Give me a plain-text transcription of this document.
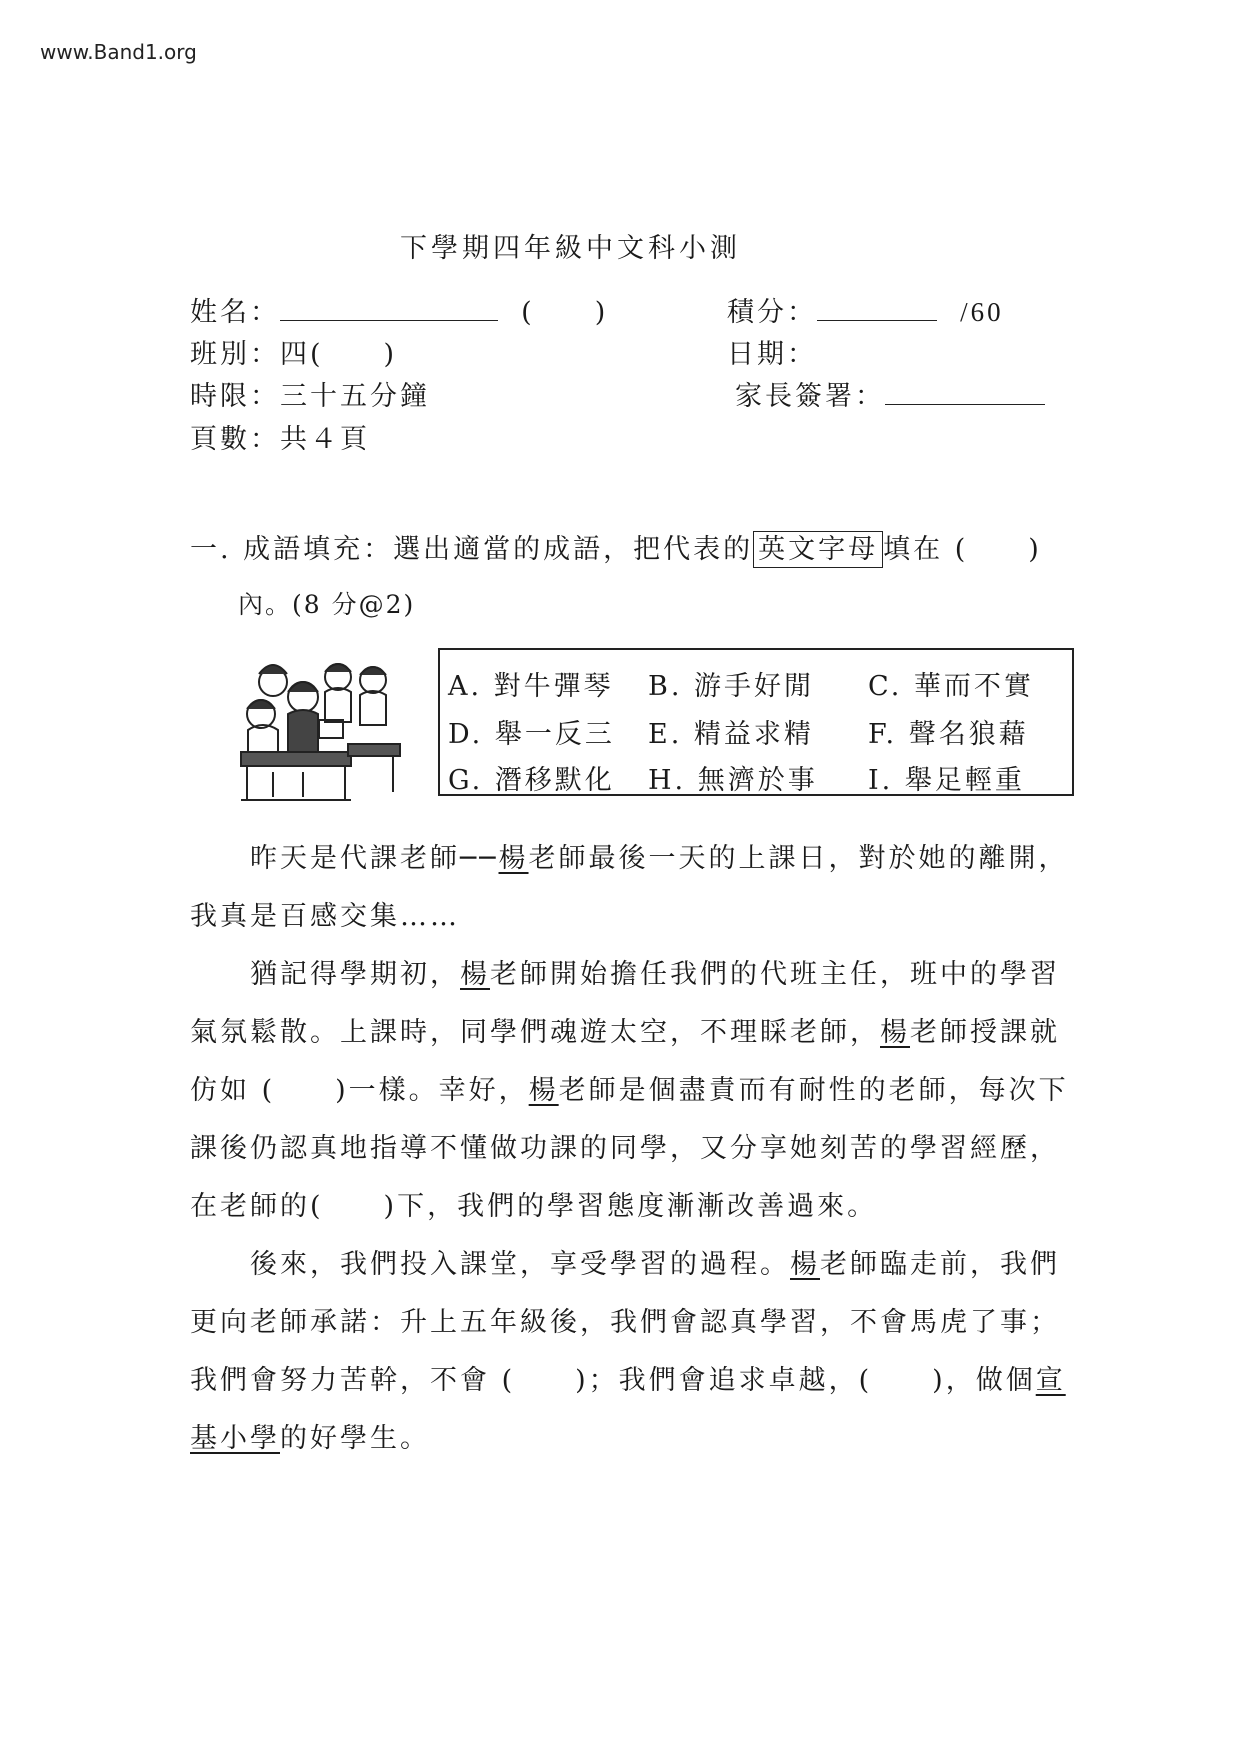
www.Band1.org
下學期四年級中文科小測
姓名：	(　　)
班別：四(　　)
時限：三十五分鐘
頁數：共４頁
積分：	/60
日期：
家長簽署：
一. 成語填充：選出適當的成語，把代表的 英文字母 填在 (　　)
內。(8 分@2)
A. 對牛彈琴 B. 游手好閒 C. 華而不實
D. 舉一反三 E. 精益求精 F. 聲名狼藉
G. 潛移默化 H. 無濟於事 I. 舉足輕重
昨天是代課老師──楊老師最後一天的上課日，對於她的離開，我真是百感交集……
猶記得學期初，楊老師開始擔任我們的代班主任，班中的學習氣氛鬆散。上課時，同學們魂遊太空，不理睬老師，楊老師授課就仿如 (　　)一樣。幸好，楊老師是個盡責而有耐性的老師，每次下課後仍認真地指導不懂做功課的同學，又分享她刻苦的學習經歷，在老師的(　　)下，我們的學習態度漸漸改善過來。
後來，我們投入課堂，享受學習的過程。楊老師臨走前，我們更向老師承諾：升上五年級後，我們會認真學習，不會馬虎了事；我們會努力苦幹，不會 (　　)；我們會追求卓越，(　　)，做個宣基小學的好學生。
